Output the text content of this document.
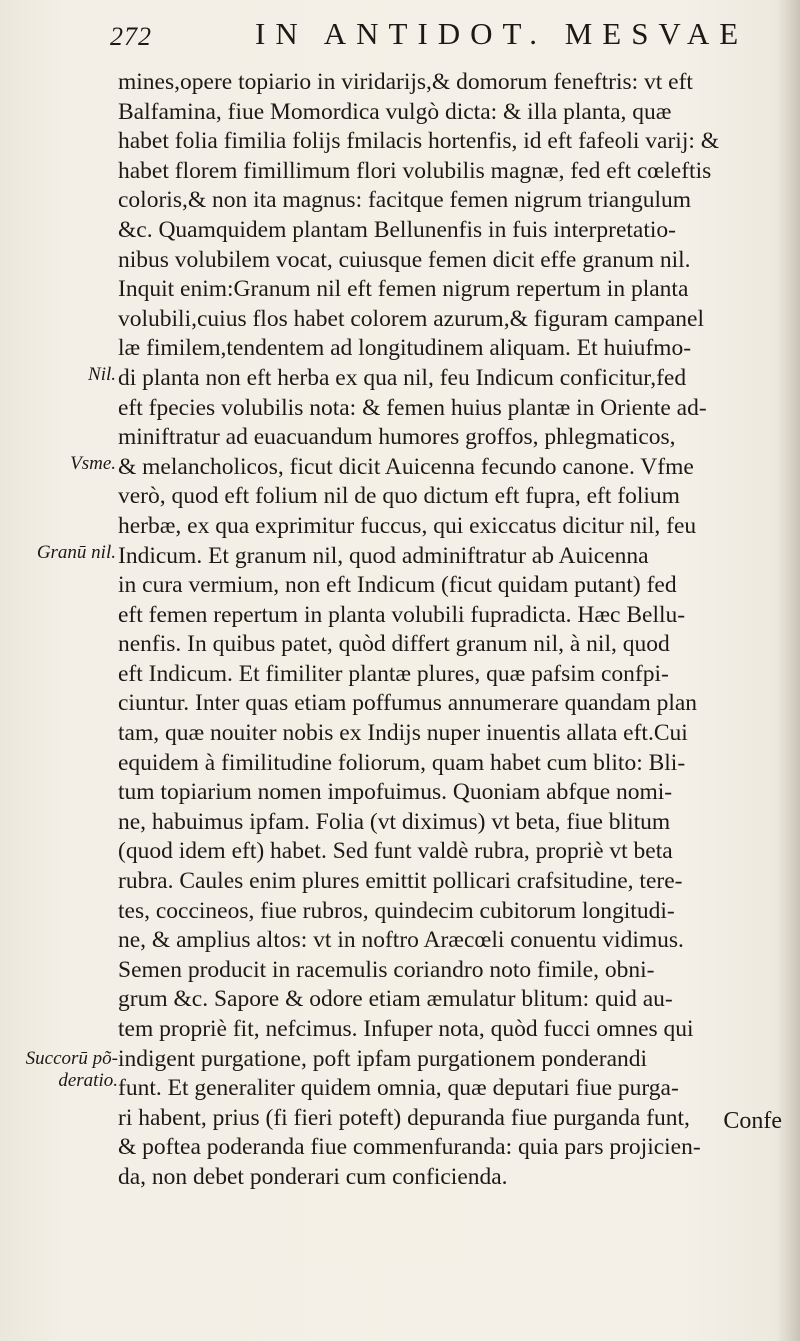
272	IN ANTIDOT. MESVAE
Nil.
Vsme.
Granū nil.
Succorū põ- deratio.
mines,opere topiario in viridarijs,& domorum feneftris: vt eft
Balfamina, fiue Momordica vulgò dicta: & illa planta, quæ
habet folia fimilia folijs fmilacis hortenfis, id eft fafeoli varij: &
habet florem fimillimum flori volubilis magnæ, fed eft cœleftis
coloris,& non ita magnus: facitque femen nigrum triangulum
&c. Quamquidem plantam Bellunenfis in fuis interpretatio-
nibus volubilem vocat, cuiusque femen dicit effe granum nil.
Inquit enim:Granum nil eft femen nigrum repertum in planta
volubili,cuius flos habet colorem azurum,& figuram campanel
læ fimilem,tendentem ad longitudinem aliquam. Et huiufmo-
di planta non eft herba ex qua nil, feu Indicum conficitur,fed
eft fpecies volubilis nota: & femen huius plantæ in Oriente ad-
miniftratur ad euacuandum humores groffos, phlegmaticos,
& melancholicos, ficut dicit Auicenna fecundo canone. Vfme
verò, quod eft folium nil de quo dictum eft fupra, eft folium
herbæ, ex qua exprimitur fuccus, qui exiccatus dicitur nil, feu
Indicum. Et granum nil, quod adminiftratur ab Auicenna
in cura vermium, non eft Indicum (ficut quidam putant) fed
eft femen repertum in planta volubili fupradicta. Hæc Bellu-
nenfis. In quibus patet, quòd differt granum nil, à nil, quod
eft Indicum. Et fimiliter plantæ plures, quæ pafsim confpi-
ciuntur. Inter quas etiam poffumus annumerare quandam plan
tam, quæ nouiter nobis ex Indijs nuper inuentis allata eft.Cui
equidem à fimilitudine foliorum, quam habet cum blito: Bli-
tum topiarium nomen impofuimus. Quoniam abfque nomi-
ne, habuimus ipfam. Folia (vt diximus) vt beta, fiue blitum
(quod idem eft) habet. Sed funt valdè rubra, propriè vt beta
rubra. Caules enim plures emittit pollicari crafsitudine, tere-
tes, coccineos, fiue rubros, quindecim cubitorum longitudi-
ne, & amplius altos: vt in noftro Aræcœli conuentu vidimus.
Semen producit in racemulis coriandro noto fimile, obni-
grum &c. Sapore & odore etiam æmulatur blitum: quid au-
tem propriè fit, nefcimus. Infuper nota, quòd fucci omnes qui
indigent purgatione, poft ipfam purgationem ponderandi
funt. Et generaliter quidem omnia, quæ deputari fiue purga-
ri habent, prius (fi fieri poteft) depuranda fiue purganda funt,
& poftea poderanda fiue commenfuranda: quia pars projicien-
da, non debet ponderari cum conficienda.
Confe
